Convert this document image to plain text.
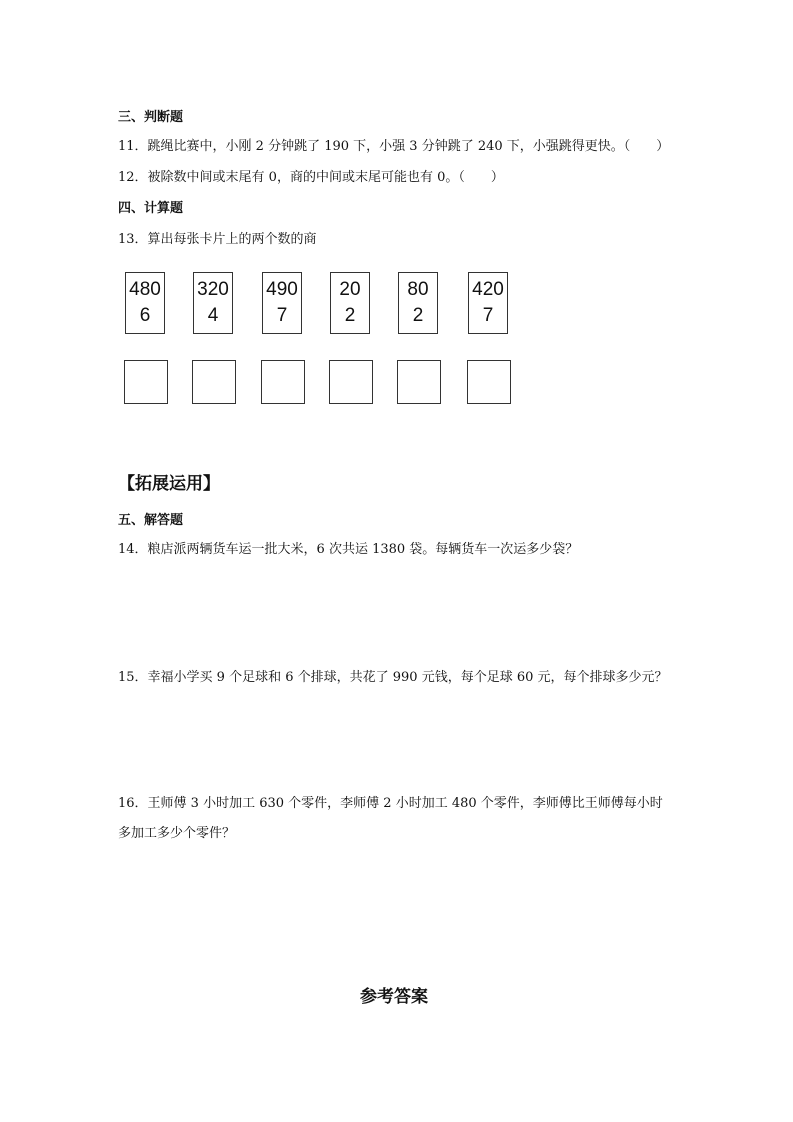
三、判断题
11．跳绳比赛中，小刚 2 分钟跳了 190 下，小强 3 分钟跳了 240 下，小强跳得更快。（　　）
12．被除数中间或末尾有 0，商的中间或末尾可能也有 0。（　　）
四、计算题
13．算出每张卡片上的两个数的商
480
6
320
4
490
7
20
2
80
2
420
7
【拓展运用】
五、解答题
14．粮店派两辆货车运一批大米，6 次共运 1380 袋。每辆货车一次运多少袋？
15．幸福小学买 9 个足球和 6 个排球，共花了 990 元钱，每个足球 60 元，每个排球多少元？
16．王师傅 3 小时加工 630 个零件，李师傅 2 小时加工 480 个零件，李师傅比王师傅每小时
多加工多少个零件？
参考答案
